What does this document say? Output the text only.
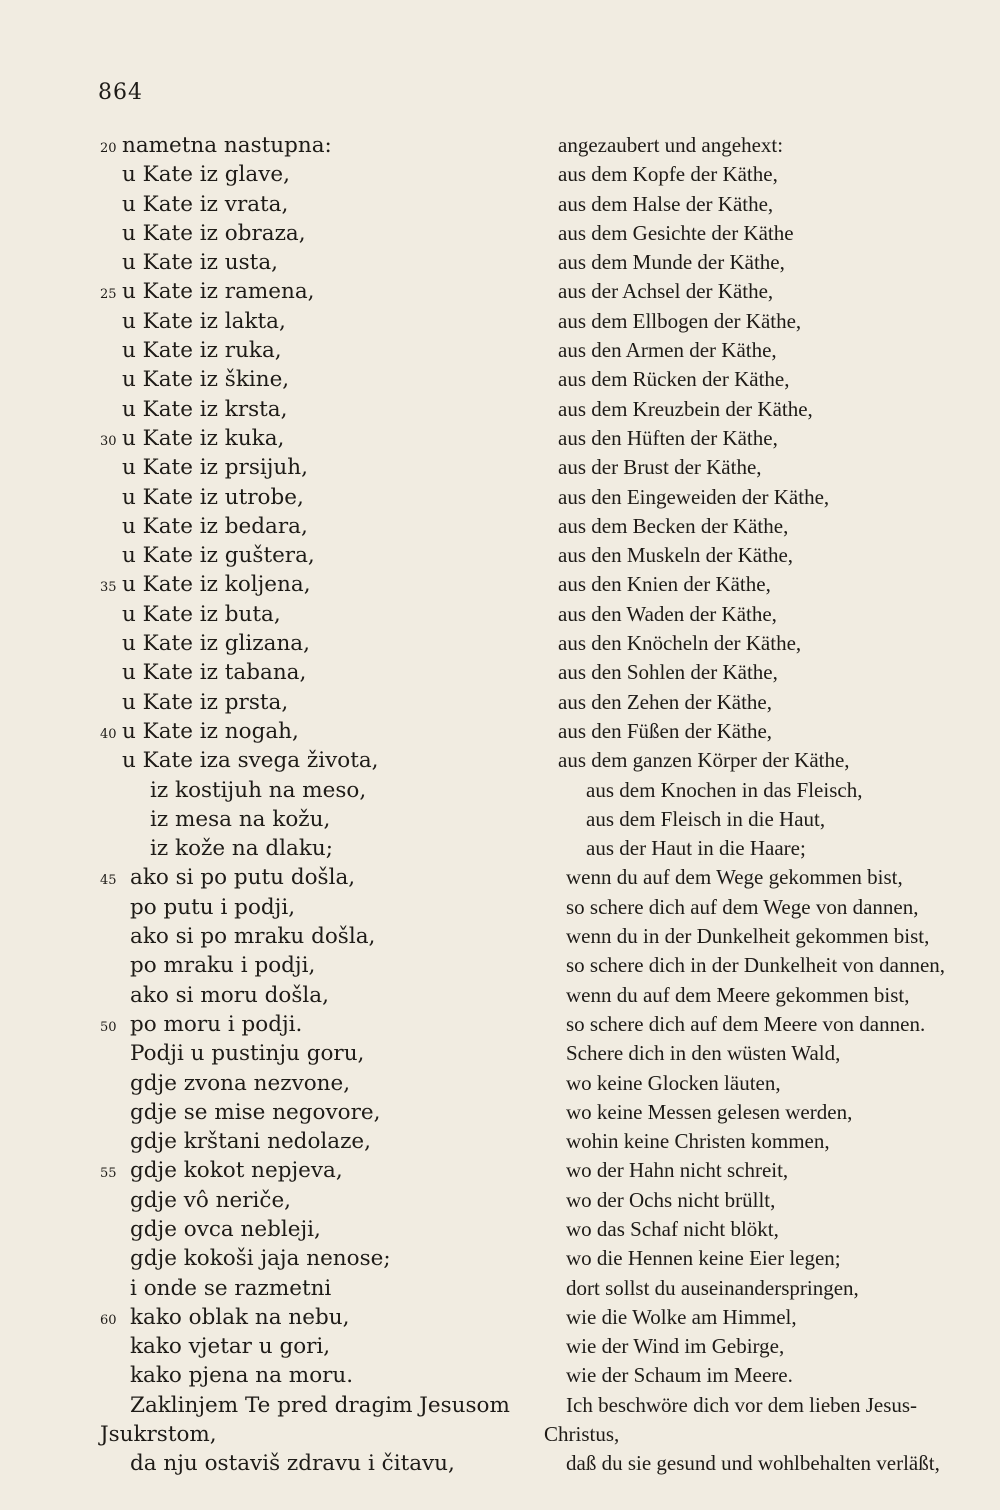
864
20 nametna nastupna:
u Kate iz glave,
u Kate iz vrata,
u Kate iz obraza,
u Kate iz usta,
25 u Kate iz ramena,
u Kate iz lakta,
u Kate iz ruka,
u Kate iz škine,
u Kate iz krsta,
30 u Kate iz kuka,
u Kate iz prsijuh,
u Kate iz utrobe,
u Kate iz bedara,
u Kate iz guštera,
35 u Kate iz koljena,
u Kate iz buta,
u Kate iz glizana,
u Kate iz tabana,
u Kate iz prsta,
40 u Kate iz nogah,
u Kate iza svega života,
iz kostijuh na meso,
iz mesa na kožu,
iz kože na dlaku;
45 ako si po putu došla,
po putu i podji,
ako si po mraku došla,
po mraku i podji,
ako si moru došla,
50 po moru i podji.
Podji u pustinju goru,
gdje zvona nezvone,
gdje se mise negovore,
gdje krštani nedolaze,
55 gdje kokot nepjeva,
gdje vô neriče,
gdje ovca nebleji,
gdje kokoši jaja nenose;
i onde se razmetni
60 kako oblak na nebu,
kako vjetar u gori,
kako pjena na moru.
Zaklinjem Te pred dragim Jesusom
Jsukrstom,
da nju ostaviš zdravu i čitavu,
angezaubert und angehext:
aus dem Kopfe der Käthe,
aus dem Halse der Käthe,
aus dem Gesichte der Käthe
aus dem Munde der Käthe,
aus der Achsel der Käthe,
aus dem Ellbogen der Käthe,
aus den Armen der Käthe,
aus dem Rücken der Käthe,
aus dem Kreuzbein der Käthe,
aus den Hüften der Käthe,
aus der Brust der Käthe,
aus den Eingeweiden der Käthe,
aus dem Becken der Käthe,
aus den Muskeln der Käthe,
aus den Knien der Käthe,
aus den Waden der Käthe,
aus den Knöcheln der Käthe,
aus den Sohlen der Käthe,
aus den Zehen der Käthe,
aus den Füßen der Käthe,
aus dem ganzen Körper der Käthe,
aus dem Knochen in das Fleisch,
aus dem Fleisch in die Haut,
aus der Haut in die Haare;
wenn du auf dem Wege gekommen bist,
so schere dich auf dem Wege von dannen,
wenn du in der Dunkelheit gekommen bist,
so schere dich in der Dunkelheit von dannen,
wenn du auf dem Meere gekommen bist,
so schere dich auf dem Meere von dannen.
Schere dich in den wüsten Wald,
wo keine Glocken läuten,
wo keine Messen gelesen werden,
wohin keine Christen kommen,
wo der Hahn nicht schreit,
wo der Ochs nicht brüllt,
wo das Schaf nicht blökt,
wo die Hennen keine Eier legen;
dort sollst du auseinanderspringen,
wie die Wolke am Himmel,
wie der Wind im Gebirge,
wie der Schaum im Meere.
Ich beschwöre dich vor dem lieben Jesus-
Christus,
daß du sie gesund und wohlbehalten verläßt,
